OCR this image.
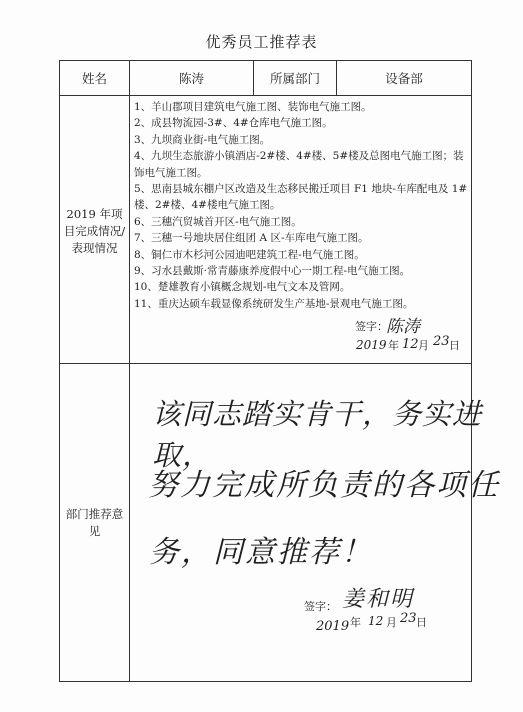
优秀员工推荐表
姓名	陈涛	所属部门	设备部
2019 年项目完成情况/表现情况
1、羊山郡项目建筑电气施工图、装饰电气施工图。
2、成县物流园-3#、4#仓库电气施工图。
3、九坝商业街-电气施工图。
4、九坝生态旅游小镇酒店-2#楼、4#楼、5#楼及总图电气施工图；装饰电气施工图。
5、思南县城东棚户区改造及生态移民搬迁项目 F1 地块-车库配电及 1#楼、2#楼、4#楼电气施工图。
6、三穗汽贸城首开区-电气施工图。
7、三穗一号地块居住组团 A 区-车库电气施工图。
8、铜仁市木杉河公园迪吧建筑工程-电气施工图。
9、习水县戴斯·常青藤康养度假中心一期工程-电气施工图。
10、楚雄教育小镇概念规划-电气文本及管网。
11、重庆达硕车载显像系统研发生产基地-景观电气施工图。
签字：
陈涛
2019 年 12 月 23 日
部门推荐意见
该同志踏实肯干，务实进取，
努力完成所负责的各项任
务，同意推荐！
签字： 姜和明
2019 年 12 月 23 日
